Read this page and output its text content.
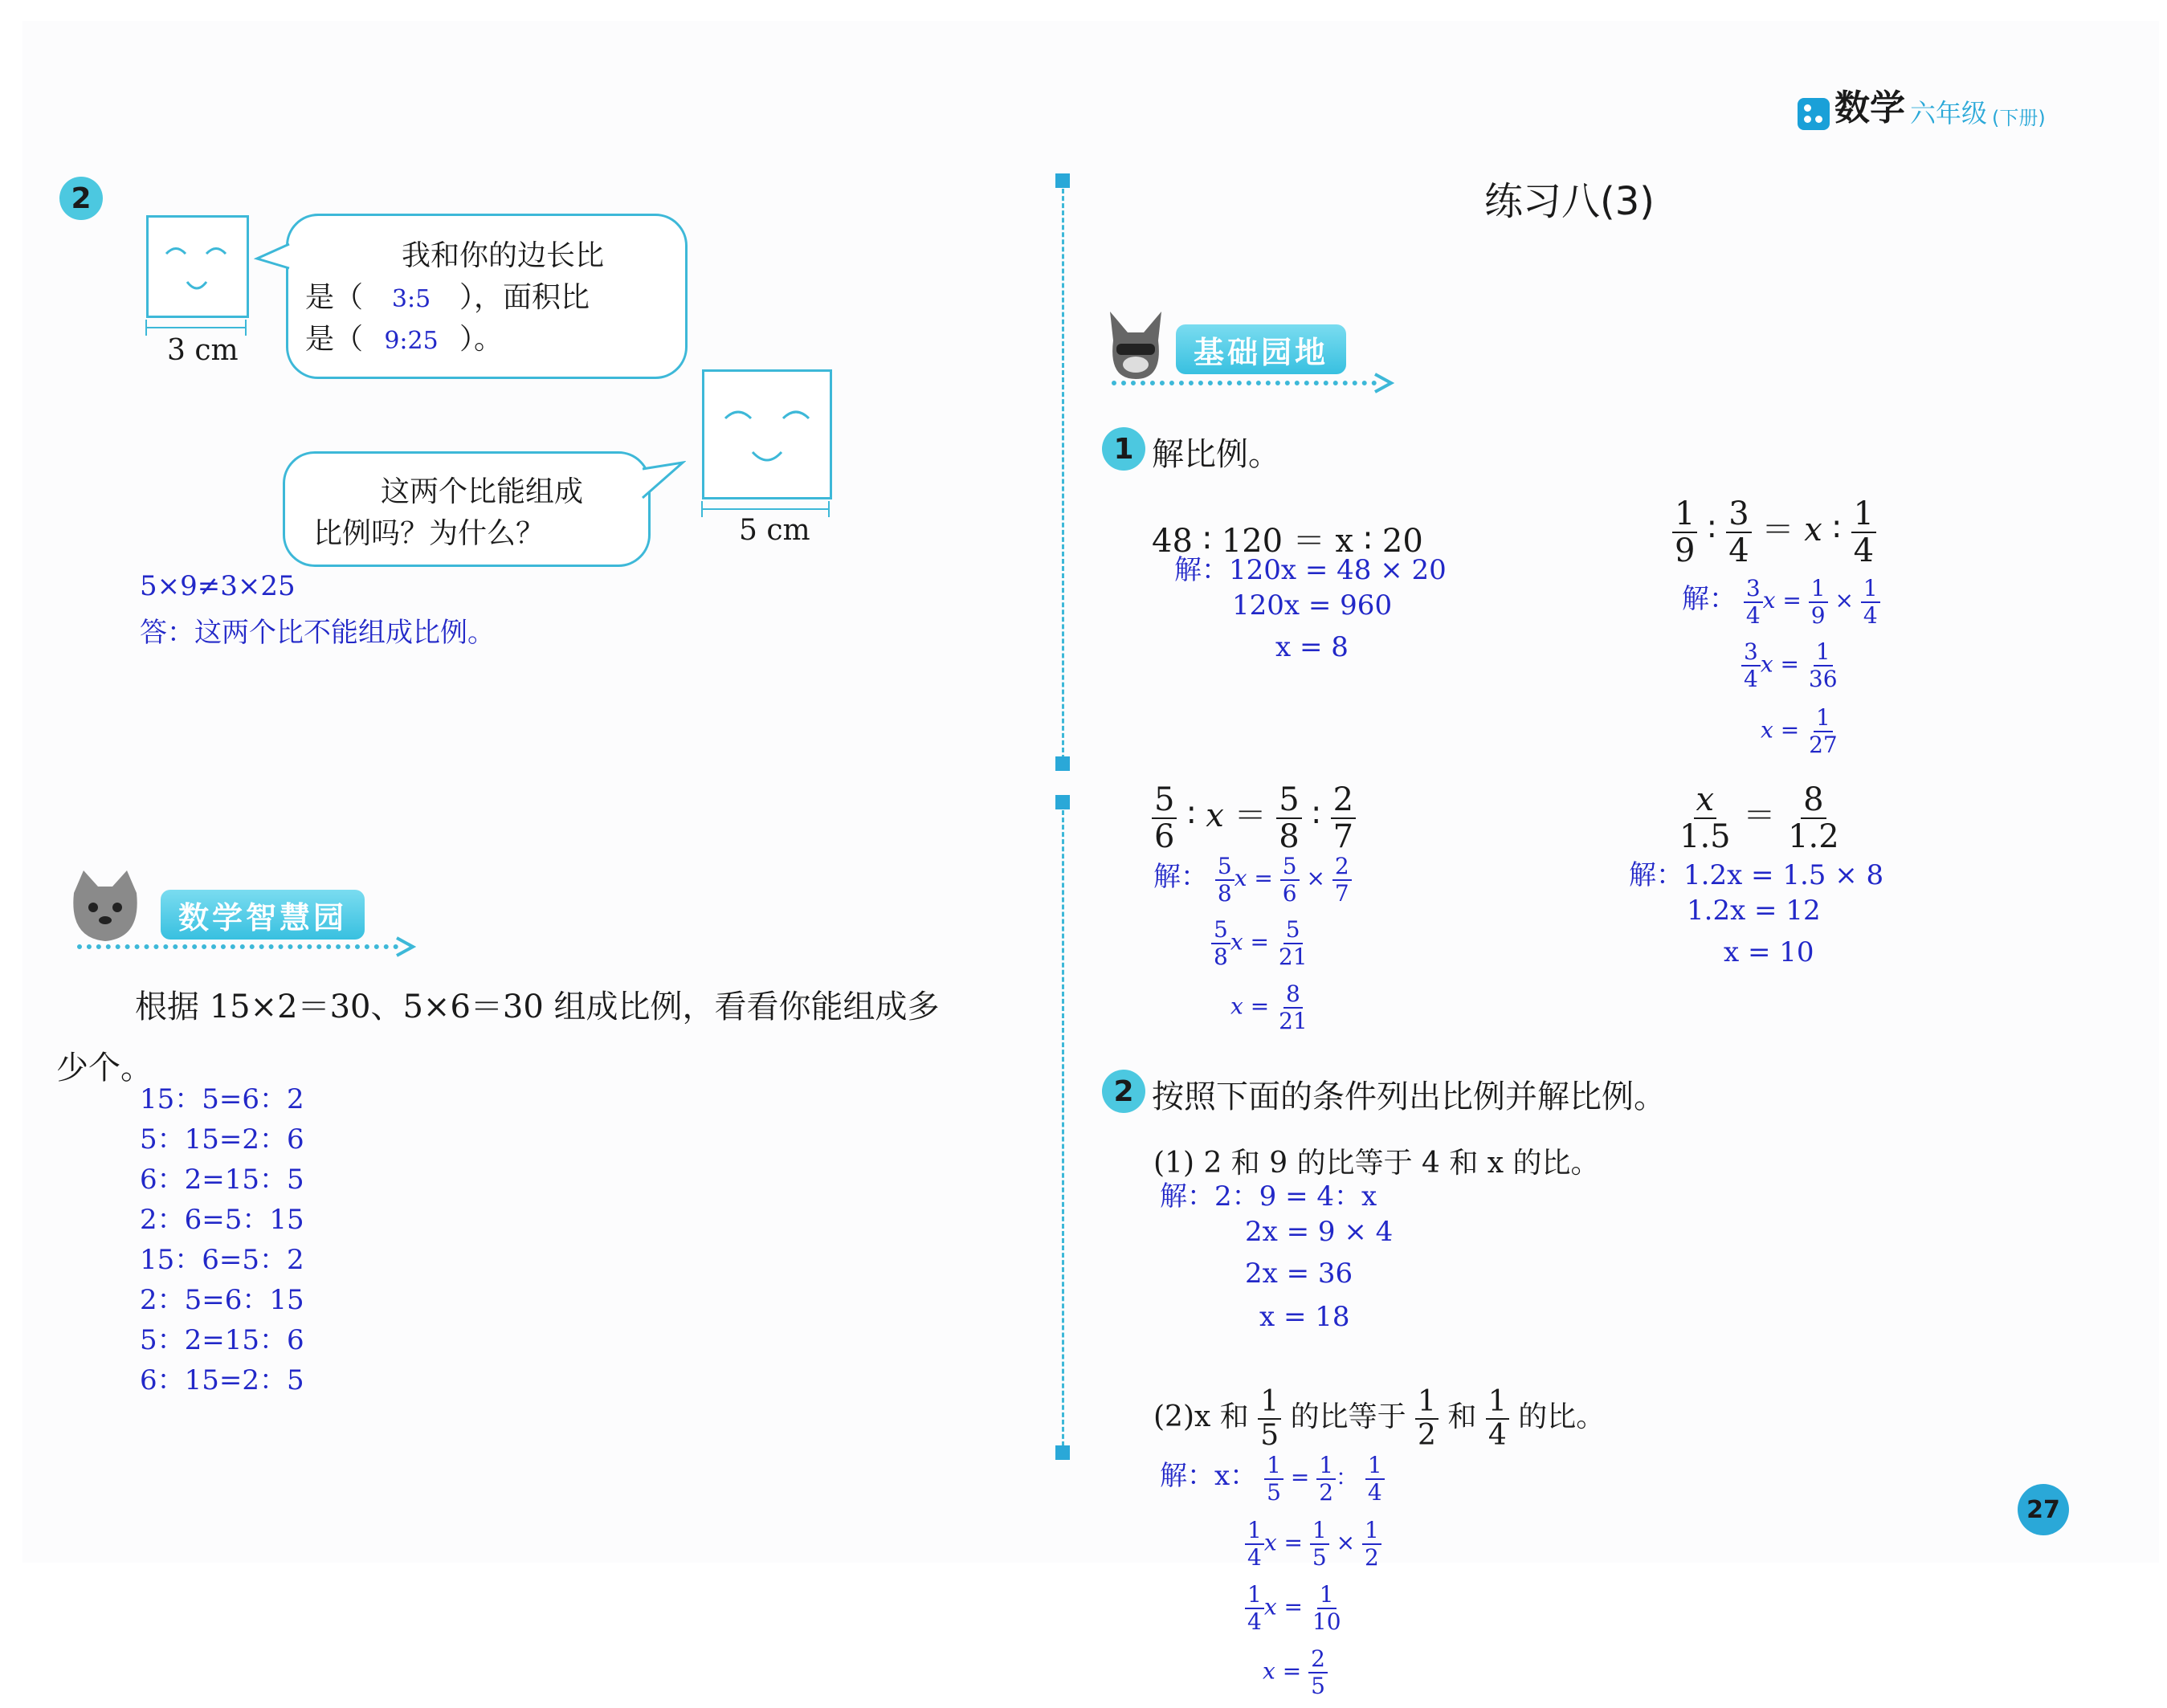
数学 六年级 (下册)
2
3 cm
我和你的边长比
是（ 3:5 ），面积比
是（ 9:25 ）。
5 cm
这两个比能组成
比例吗？为什么？
5×9≠3×25
答：这两个比不能组成比例。
数学智慧园
根据 15×2＝30、5×6＝30 组成比例，看看你能组成多
少个。
15：5=6：2
5：15=2：6
6：2=15：5
2：6=5：15
15：6=5：2
2：5=6：15
5：2=15：6
6：15=2：5
练习八(3)
基础园地
1 解比例。
48 ∶ 120 ＝ x ∶ 20
解：120x = 48 × 20
120x = 960
x = 8
$\frac{1}{9}$ ∶ $\frac{3}{4} = x$ ∶ $\frac{1}{4}$
解： $\frac{3}{4}$ $x = \frac{1}{9} \times \frac{1}{4}$
$\frac{3}{4}$ $x = \frac{1}{36}$
$x = \frac{1}{27}$
$\frac{5}{6}$ ∶ $x = \frac{5}{8}$ ∶ $\frac{2}{7}$
解： $\frac{5}{8}$ $x = \frac{5}{6} \times \frac{2}{7}$
$\frac{5}{8}$ $x = \frac{5}{21}$
$x = \frac{8}{21}$
$\frac{x}{1.5} = \frac{8}{1.2}$
解：1.2x = 1.5 × 8
1.2x = 12
x = 10
2 按照下面的条件列出比例并解比例。
(1) 2 和 9 的比等于 4 和 x 的比。
解：2：9 = 4：x
2x = 9 × 4
2x = 36
x = 18
(2)x 和 $\frac{1}{5}$ 的比等于 $\frac{1}{2}$ 和 $\frac{1}{4}$ 的比。
解：x： $\frac{1}{5} = \frac{1}{2}$ ： $\frac{1}{4}$
$\frac{1}{4}$ $x = \frac{1}{5} \times \frac{1}{2}$
$\frac{1}{4}$ $x = \frac{1}{10}$
$x = \frac{2}{5}$
27
